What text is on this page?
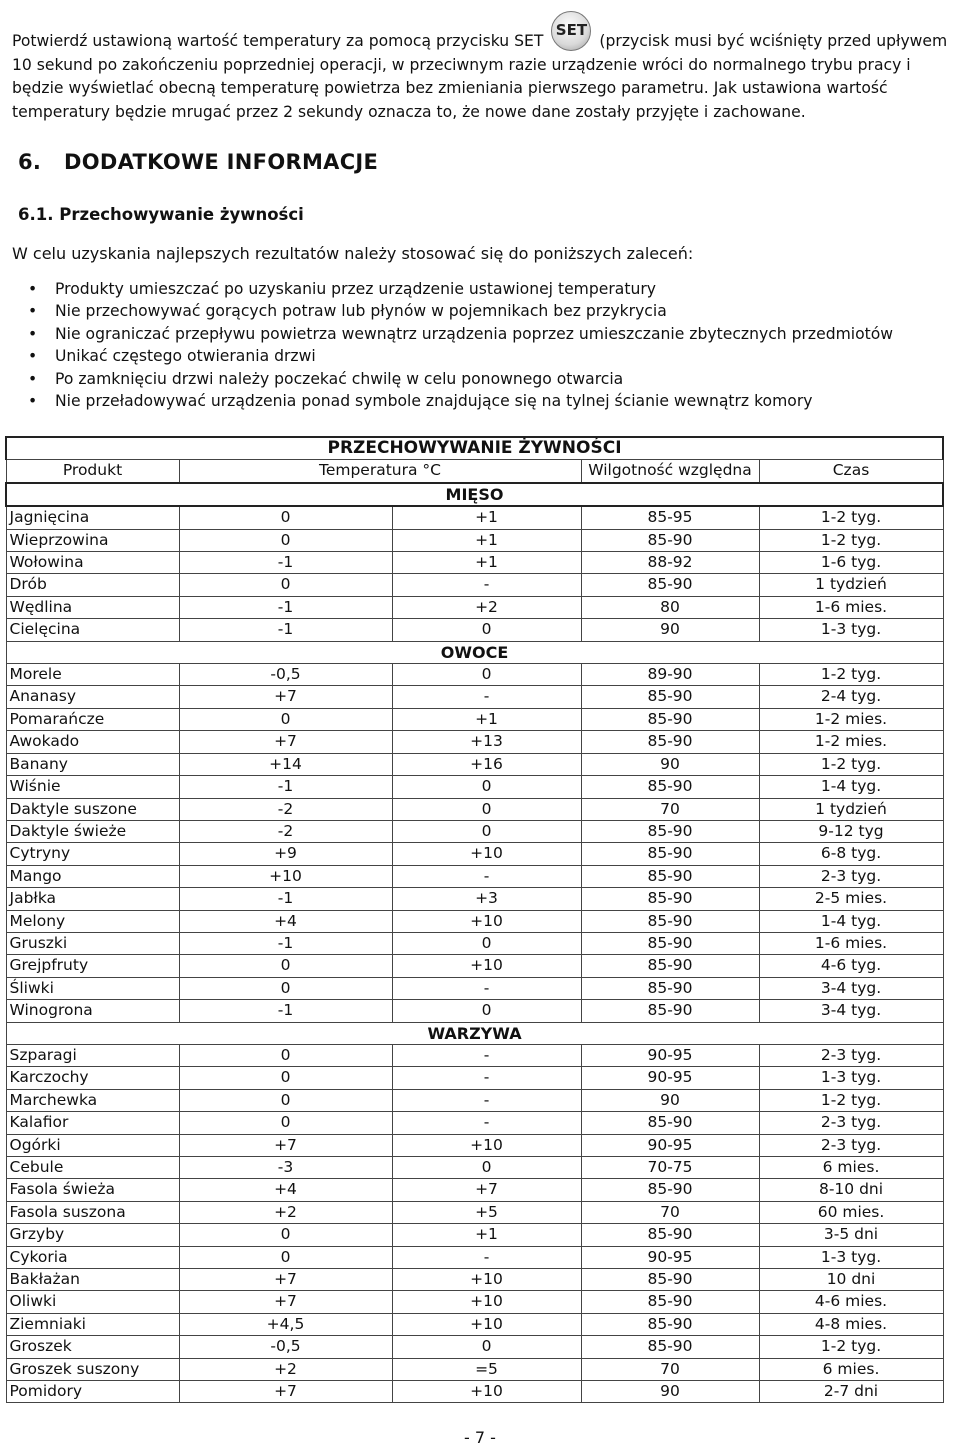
Potwierdź ustawioną wartość temperatury za pomocą przycisku SET
SET
(przycisk musi być wciśnięty przed upływem 10 sekund po zakończeniu poprzedniej operacji, w przeciwnym razie urządzenie wróci do normalnego trybu pracy i będzie wyświetlać obecną temperaturę powietrza bez zmieniania pierwszego parametru. Jak ustawiona wartość temperatury będzie mrugać przez 2 sekundy oznacza to, że nowe dane zostały przyjęte i zachowane.

6.   DODATKOWE INFORMACJE
6.1. Przechowywanie żywności
W celu uzyskania najlepszych rezultatów należy stosować się do poniższych zaleceń:
• Produkty umieszczać po uzyskaniu przez urządzenie ustawionej temperatury
• Nie przechowywać gorących potraw lub płynów w pojemnikach bez przykrycia
• Nie ograniczać przepływu powietrza wewnątrz urządzenia poprzez umieszczanie zbytecznych przedmiotów
• Unikać częstego otwierania drzwi
• Po zamknięciu drzwi należy poczekać chwilę w celu ponownego otwarcia
• Nie przeładowywać urządzenia ponad symbole znajdujące się na tylnej ścianie wewnątrz komory
PRZECHOWYWANIE ŻYWNOŚCI				
Produkt	Temperatura °C		Wilgotność względna	Czas
MIĘSO				
Jagnięcina	0	+1	85-95	1-2 tyg.
Wieprzowina	0	+1	85-90	1-2 tyg.
Wołowina	-1	+1	88-92	1-6 tyg.
Drób	0	-	85-90	1 tydzień
Wędlina	-1	+2	80	1-6 mies.
Cielęcina	-1	0	90	1-3 tyg.
OWOCE				
Morele	-0,5	0	89-90	1-2 tyg.
Ananasy	+7	-	85-90	2-4 tyg.
Pomarańcze	0	+1	85-90	1-2 mies.
Awokado	+7	+13	85-90	1-2 mies.
Banany	+14	+16	90	1-2 tyg.
Wiśnie	-1	0	85-90	1-4 tyg.
Daktyle suszone	-2	0	70	1 tydzień
Daktyle świeże	-2	0	85-90	9-12 tyg
Cytryny	+9	+10	85-90	6-8 tyg.
Mango	+10	-	85-90	2-3 tyg.
Jabłka	-1	+3	85-90	2-5 mies.
Melony	+4	+10	85-90	1-4 tyg.
Gruszki	-1	0	85-90	1-6 mies.
Grejpfruty	0	+10	85-90	4-6 tyg.
Śliwki	0	-	85-90	3-4 tyg.
Winogrona	-1	0	85-90	3-4 tyg.
WARZYWA				
Szparagi	0	-	90-95	2-3 tyg.
Karczochy	0	-	90-95	1-3 tyg.
Marchewka	0	-	90	1-2 tyg.
Kalafior	0	-	85-90	2-3 tyg.
Ogórki	+7	+10	90-95	2-3 tyg.
Cebule	-3	0	70-75	6 mies.
Fasola świeża	+4	+7	85-90	8-10 dni
Fasola suszona	+2	+5	70	60 mies.
Grzyby	0	+1	85-90	3-5 dni
Cykoria	0	-	90-95	1-3 tyg.
Bakłażan	+7	+10	85-90	10 dni
Oliwki	+7	+10	85-90	4-6 mies.
Ziemniaki	+4,5	+10	85-90	4-8 mies.
Groszek	-0,5	0	85-90	1-2 tyg.
Groszek suszony	+2	=5	70	6 mies.
Pomidory	+7	+10	90	2-7 dni
- 7 -
